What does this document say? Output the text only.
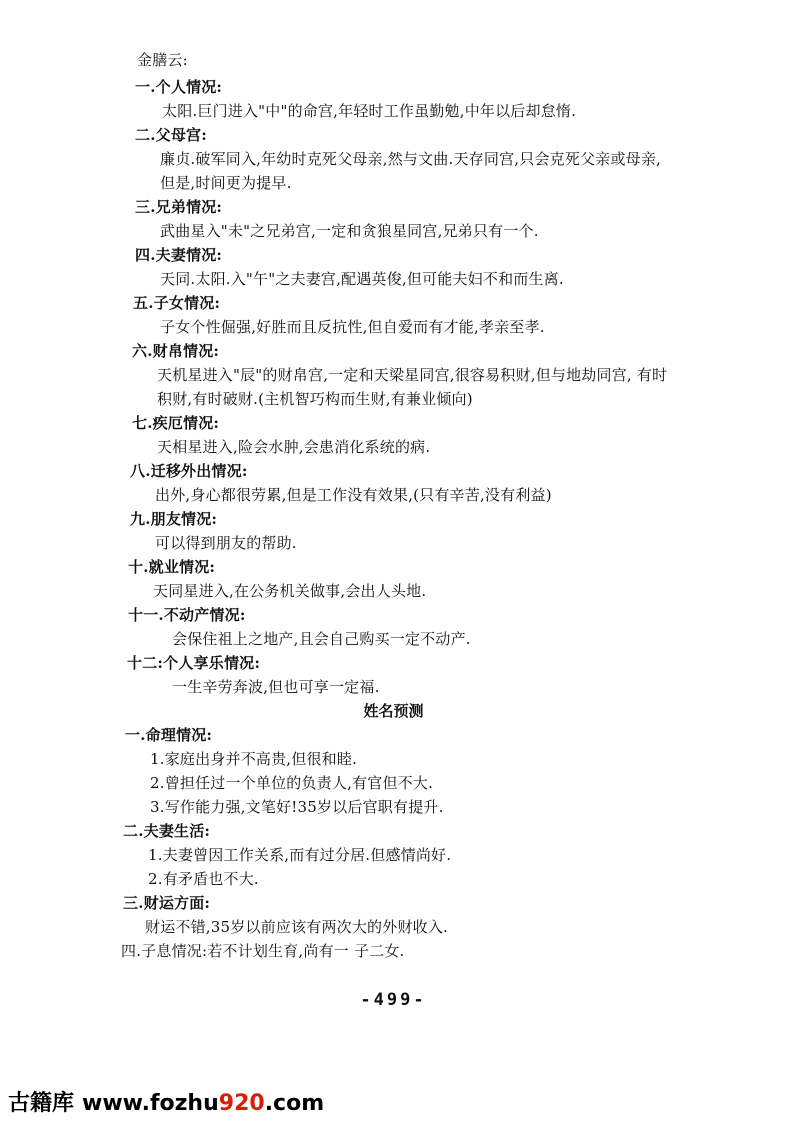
金膳云:
一.个人情况:
太阳.巨门进入"中"的命宫,年轻时工作虽勤勉,中年以后却怠惰.
二.父母宫:
廉贞.破军同入,年幼时克死父母亲,然与文曲.天存同宫,只会克死父亲或母亲,
但是,时间更为提早.
三.兄弟情况:
武曲星入"未"之兄弟宫,一定和贪狼星同宫,兄弟只有一个.
四.夫妻情况:
天同.太阳.入"午"之夫妻宫,配遇英俊,但可能夫妇不和而生离.
五.子女情况:
子女个性倔强,好胜而且反抗性,但自爱而有才能,孝亲至孝.
六.财帛情况:
天机星进入"辰"的财帛宫,一定和天梁星同宫,很容易积财,但与地劫同宫, 有时
积财,有时破财.(主机智巧构而生财,有兼业倾向)
七.疾厄情况:
天相星进入,险会水肿,会患消化系统的病.
八.迁移外出情况:
出外,身心都很劳累,但是工作没有效果,(只有辛苦,没有利益)
九.朋友情况:
可以得到朋友的帮助.
十.就业情况:
天同星进入,在公务机关做事,会出人头地.
十一.不动产情况:
会保住祖上之地产,且会自己购买一定不动产.
十二:个人享乐情况:
一生辛劳奔波,但也可享一定福.
姓名预测
一.命理情况:
1.家庭出身并不高贵,但很和睦.
2.曾担任过一个单位的负责人,有官但不大.
3.写作能力强,文笔好!35岁以后官职有提升.
二.夫妻生活:
1.夫妻曾因工作关系,而有过分居.但感情尚好.
2.有矛盾也不大.
三.财运方面:
财运不错,35岁以前应该有两次大的外财收入.
四.子息情况:若不计划生育,尚有一 子二女.
-499-
古籍库 www.fozhu920.com
